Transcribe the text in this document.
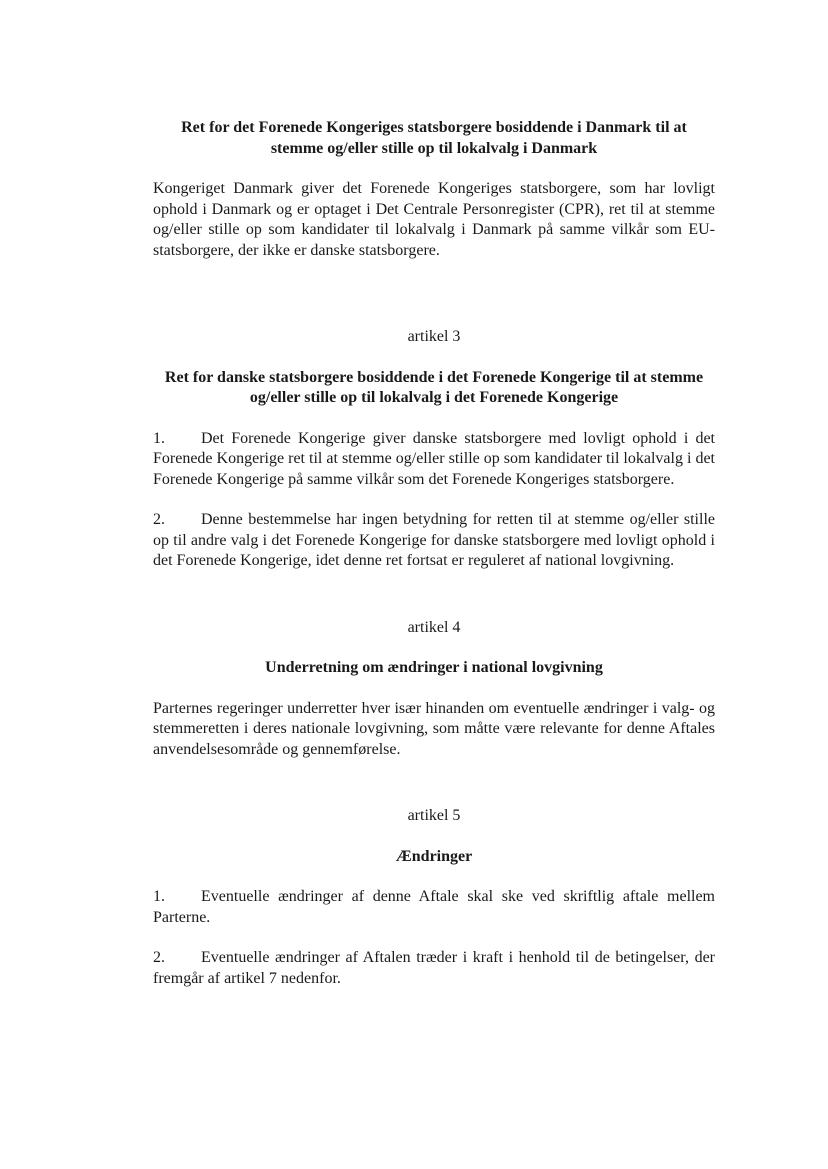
Ret for det Forenede Kongeriges statsborgere bosiddende i Danmark til at stemme og/eller stille op til lokalvalg i Danmark

Kongeriget Danmark giver det Forenede Kongeriges statsborgere, som har lovligt ophold i Danmark og er optaget i Det Centrale Personregister (CPR), ret til at stemme og/eller stille op som kandidater til lokalvalg i Danmark på samme vilkår som EU-statsborgere, der ikke er danske statsborgere.

artikel 3

Ret for danske statsborgere bosiddende i det Forenede Kongerige til at stemme og/eller stille op til lokalvalg i det Forenede Kongerige

1. Det Forenede Kongerige giver danske statsborgere med lovligt ophold i det Forenede Kongerige ret til at stemme og/eller stille op som kandidater til lokalvalg i det Forenede Kongerige på samme vilkår som det Forenede Kongeriges statsborgere.

2. Denne bestemmelse har ingen betydning for retten til at stemme og/eller stille op til andre valg i det Forenede Kongerige for danske statsborgere med lovligt ophold i det Forenede Kongerige, idet denne ret fortsat er reguleret af national lovgivning.

artikel 4

Underretning om ændringer i national lovgivning

Parternes regeringer underretter hver især hinanden om eventuelle ændringer i valg- og stemmeretten i deres nationale lovgivning, som måtte være relevante for denne Aftales anvendelsesområde og gennemførelse.

artikel 5

Ændringer

1. Eventuelle ændringer af denne Aftale skal ske ved skriftlig aftale mellem Parterne.

2. Eventuelle ændringer af Aftalen træder i kraft i henhold til de betingelser, der fremgår af artikel 7 nedenfor.
